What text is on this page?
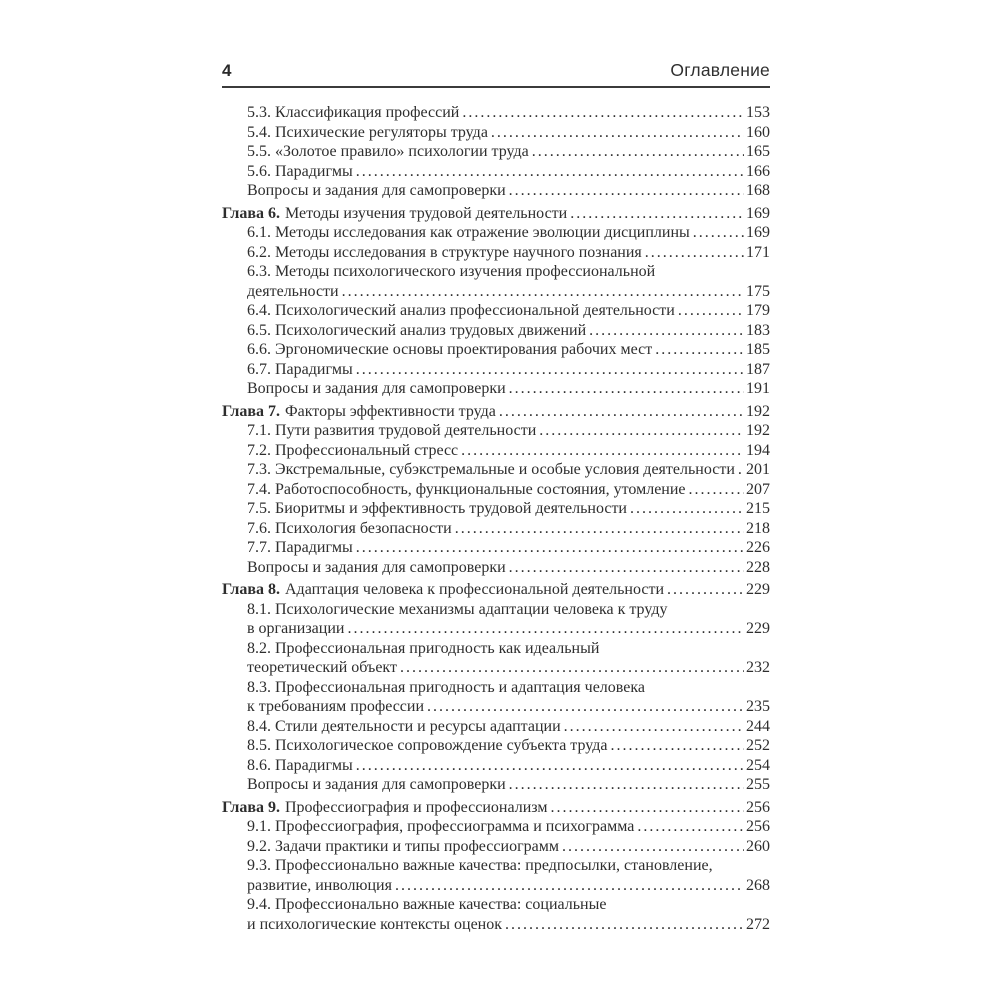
4	Оглавление
5.3. Классификация профессий .....	153
5.4. Психические регуляторы труда .....	160
5.5. «Золотое правило» психологии труда .....	165
5.6. Парадигмы .....	166
Вопросы и задания для самопроверки .....	168
Глава 6. Методы изучения трудовой деятельности .....	169
6.1. Методы исследования как отражение эволюции дисциплины .....	169
6.2. Методы исследования в структуре научного познания .....	171
6.3. Методы психологического изучения профессиональной
деятельности .....	175
6.4. Психологический анализ профессиональной деятельности .....	179
6.5. Психологический анализ трудовых движений .....	183
6.6. Эргономические основы проектирования рабочих мест .....	185
6.7. Парадигмы .....	187
Вопросы и задания для самопроверки .....	191
Глава 7. Факторы эффективности труда .....	192
7.1. Пути развития трудовой деятельности .....	192
7.2. Профессиональный стресс .....	194
7.3. Экстремальные, субэкстремальные и особые условия деятельности ..... 201
7.4. Работоспособность, функциональные состояния, утомление .....	207
7.5. Биоритмы и эффективность трудовой деятельности .....	215
7.6. Психология безопасности .....	218
7.7. Парадигмы .....	226
Вопросы и задания для самопроверки .....	228
Глава 8. Адаптация человека к профессиональной деятельности .....	229
8.1. Психологические механизмы адаптации человека к труду
в организации .....	229
8.2. Профессиональная пригодность как идеальный
теоретический объект .....	232
8.3. Профессиональная пригодность и адаптация человека
к требованиям профессии .....	235
8.4. Стили деятельности и ресурсы адаптации .....	244
8.5. Психологическое сопровождение субъекта труда .....	252
8.6. Парадигмы .....	254
Вопросы и задания для самопроверки .....	255
Глава 9. Профессиография и профессионализм .....	256
9.1. Профессиография, профессиограмма и психограмма .....	256
9.2. Задачи практики и типы профессиограмм .....	260
9.3. Профессионально важные качества: предпосылки, становление,
развитие, инволюция .....	268
9.4. Профессионально важные качества: социальные
и психологические контексты оценок .....	272
